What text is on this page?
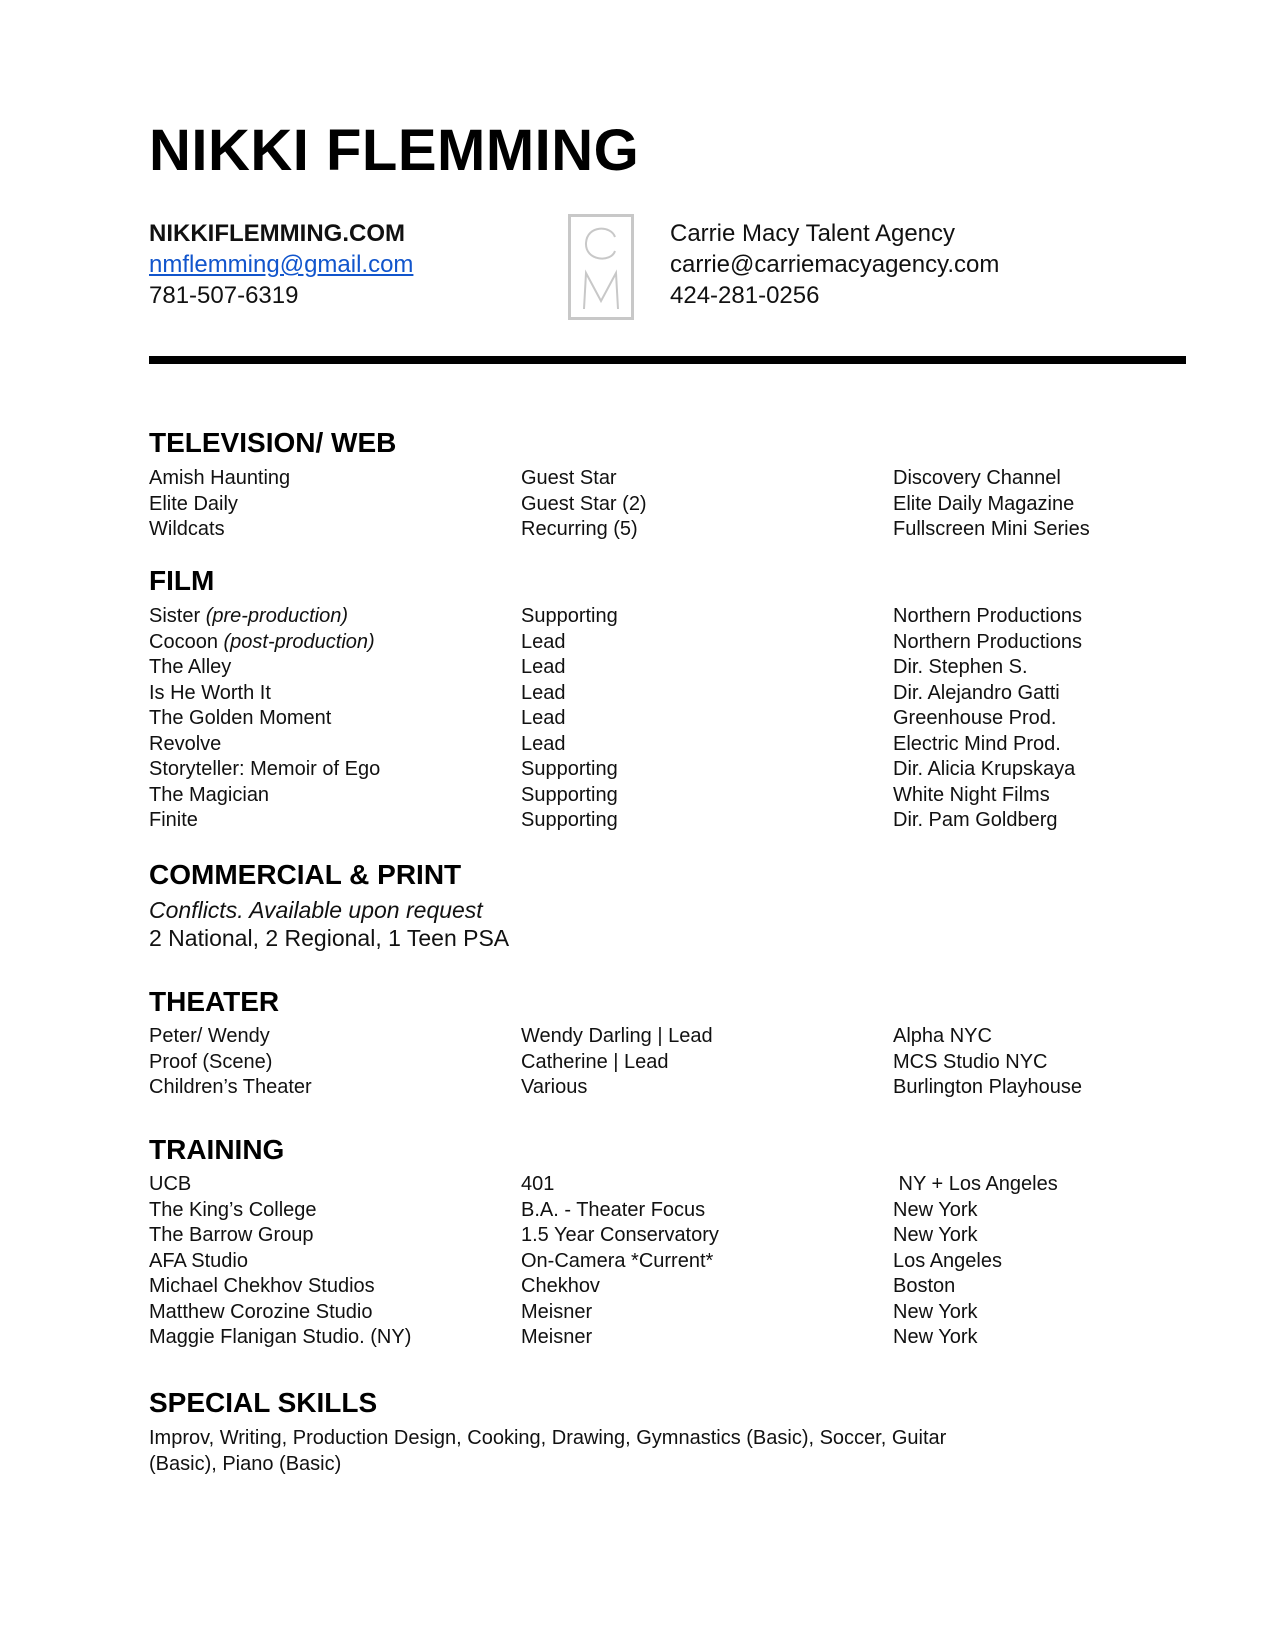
NIKKI FLEMMING
NIKKIFLEMMING.COM
nmflemming@gmail.com
781-507-6319
Carrie Macy Talent Agency
carrie@carriemacyagency.com
424-281-0256
TELEVISION/ WEB
Amish Haunting	Guest Star	Discovery Channel
Elite Daily	Guest Star (2)	Elite Daily Magazine
Wildcats	Recurring (5)	Fullscreen Mini Series
FILM
Sister (pre-production)	Supporting	Northern Productions
Cocoon (post-production)	Lead	Northern Productions
The Alley	Lead	Dir. Stephen S.
Is He Worth It	Lead	Dir. Alejandro Gatti
The Golden Moment	Lead	Greenhouse Prod.
Revolve	Lead	Electric Mind Prod.
Storyteller: Memoir of Ego	Supporting	Dir. Alicia Krupskaya
The Magician	Supporting	White Night Films
Finite	Supporting	Dir. Pam Goldberg
COMMERCIAL & PRINT
Conflicts. Available upon request
2 National, 2 Regional, 1 Teen PSA
THEATER
Peter/ Wendy	Wendy Darling | Lead	Alpha NYC
Proof (Scene)	Catherine | Lead	MCS Studio NYC
Children’s Theater	Various	Burlington Playhouse
TRAINING
UCB	401	NY + Los Angeles
The King’s College	B.A. - Theater Focus	New York
The Barrow Group	1.5 Year Conservatory	New York
AFA Studio	On-Camera *Current*	Los Angeles
Michael Chekhov Studios	Chekhov	Boston
Matthew Corozine Studio	Meisner	New York
Maggie Flanigan Studio. (NY)	Meisner	New York
SPECIAL SKILLS
Improv, Writing, Production Design, Cooking, Drawing, Gymnastics (Basic), Soccer, Guitar (Basic), Piano (Basic)
